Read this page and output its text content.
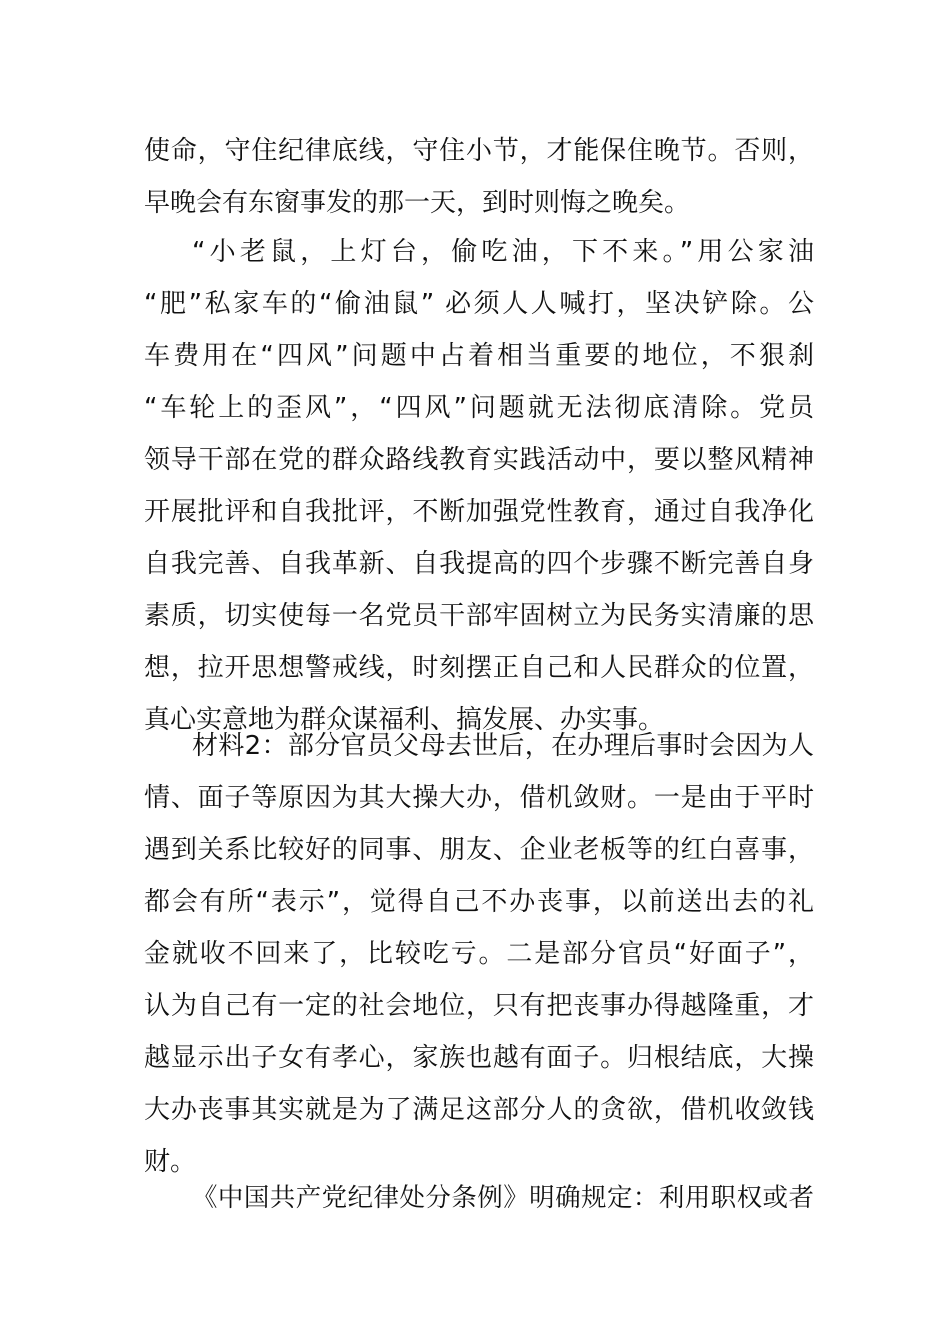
使命，守住纪律底线，守住小节，才能保住晚节。否则，
早晚会有东窗事发的那一天，到时则悔之晚矣。
“小老鼠，上灯台，偷吃油，下不来。”用公家油
“肥”私家车的“偷油鼠” 必须人人喊打，坚决铲除。公
车费用在“四风”问题中占着相当重要的地位，不狠刹
“车轮上的歪风”，“四风”问题就无法彻底清除。党员
领导干部在党的群众路线教育实践活动中，要以整风精神
开展批评和自我批评，不断加强党性教育，通过自我净化
自我完善、自我革新、自我提高的四个步骤不断完善自身
素质，切实使每一名党员干部牢固树立为民务实清廉的思
想，拉开思想警戒线，时刻摆正自己和人民群众的位置，
真心实意地为群众谋福利、搞发展、办实事。
材料2：部分官员父母去世后，在办理后事时会因为人
情、面子等原因为其大操大办，借机敛财。一是由于平时
遇到关系比较好的同事、朋友、企业老板等的红白喜事，
都会有所“表示”，觉得自己不办丧事，以前送出去的礼
金就收不回来了，比较吃亏。二是部分官员“好面子”，
认为自己有一定的社会地位，只有把丧事办得越隆重，才
越显示出子女有孝心，家族也越有面子。归根结底，大操
大办丧事其实就是为了满足这部分人的贪欲，借机收敛钱
财。
《中国共产党纪律处分条例》明确规定：利用职权或者
